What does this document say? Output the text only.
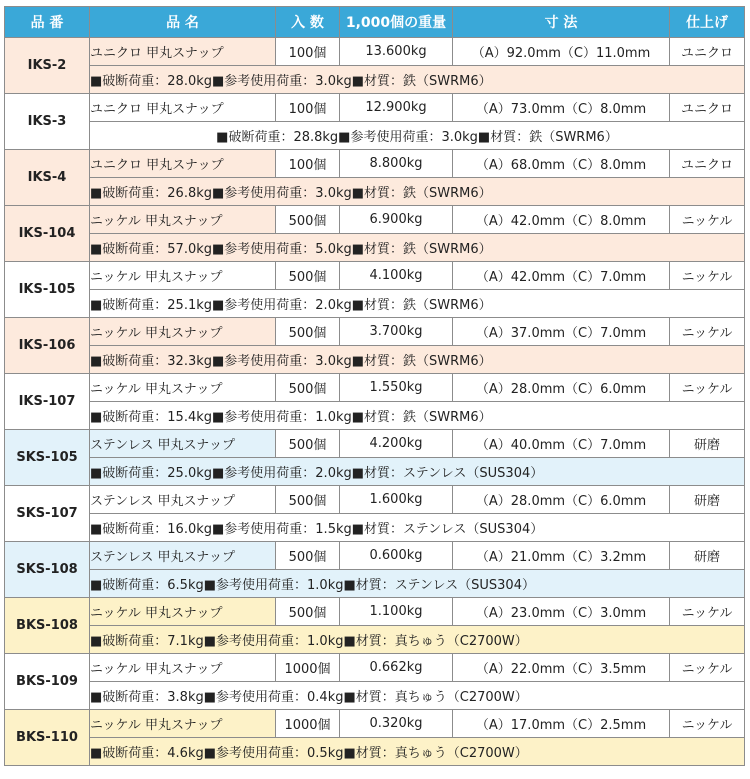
品 番	品 名	入 数	1,000個の重量	寸 法	仕上げ
IKS-2	ユニクロ 甲丸スナップ	100個	13.600kg	（A）92.0mm（C）11.0mm	ユニクロ
	■破断荷重：28.0kg■参考使用荷重：3.0kg■材質：鉄（SWRM6）				
IKS-3	ユニクロ 甲丸スナップ	100個	12.900kg	（A）73.0mm（C）8.0mm	ユニクロ
	■破断荷重：28.8kg■参考使用荷重：3.0kg■材質：鉄（SWRM6）				
IKS-4	ユニクロ 甲丸スナップ	100個	8.800kg	（A）68.0mm（C）8.0mm	ユニクロ
	■破断荷重：26.8kg■参考使用荷重：3.0kg■材質：鉄（SWRM6）				
IKS-104	ニッケル 甲丸スナップ	500個	6.900kg	（A）42.0mm（C）8.0mm	ニッケル
	■破断荷重：57.0kg■参考使用荷重：5.0kg■材質：鉄（SWRM6）				
IKS-105	ニッケル 甲丸スナップ	500個	4.100kg	（A）42.0mm（C）7.0mm	ニッケル
	■破断荷重：25.1kg■参考使用荷重：2.0kg■材質：鉄（SWRM6）				
IKS-106	ニッケル 甲丸スナップ	500個	3.700kg	（A）37.0mm（C）7.0mm	ニッケル
	■破断荷重：32.3kg■参考使用荷重：3.0kg■材質：鉄（SWRM6）				
IKS-107	ニッケル 甲丸スナップ	500個	1.550kg	（A）28.0mm（C）6.0mm	ニッケル
	■破断荷重：15.4kg■参考使用荷重：1.0kg■材質：鉄（SWRM6）				
SKS-105	ステンレス 甲丸スナップ	500個	4.200kg	（A）40.0mm（C）7.0mm	研磨
	■破断荷重：25.0kg■参考使用荷重：2.0kg■材質：ステンレス（SUS304）				
SKS-107	ステンレス 甲丸スナップ	500個	1.600kg	（A）28.0mm（C）6.0mm	研磨
	■破断荷重：16.0kg■参考使用荷重：1.5kg■材質：ステンレス（SUS304）				
SKS-108	ステンレス 甲丸スナップ	500個	0.600kg	（A）21.0mm（C）3.2mm	研磨
	■破断荷重：6.5kg■参考使用荷重：1.0kg■材質：ステンレス（SUS304）				
BKS-108	ニッケル 甲丸スナップ	500個	1.100kg	（A）23.0mm（C）3.0mm	ニッケル
	■破断荷重：7.1kg■参考使用荷重：1.0kg■材質：真ちゅう（C2700W）				
BKS-109	ニッケル 甲丸スナップ	1000個	0.662kg	（A）22.0mm（C）3.5mm	ニッケル
	■破断荷重：3.8kg■参考使用荷重：0.4kg■材質：真ちゅう（C2700W）				
BKS-110	ニッケル 甲丸スナップ	1000個	0.320kg	（A）17.0mm（C）2.5mm	ニッケル
	■破断荷重：4.6kg■参考使用荷重：0.5kg■材質：真ちゅう（C2700W）				
